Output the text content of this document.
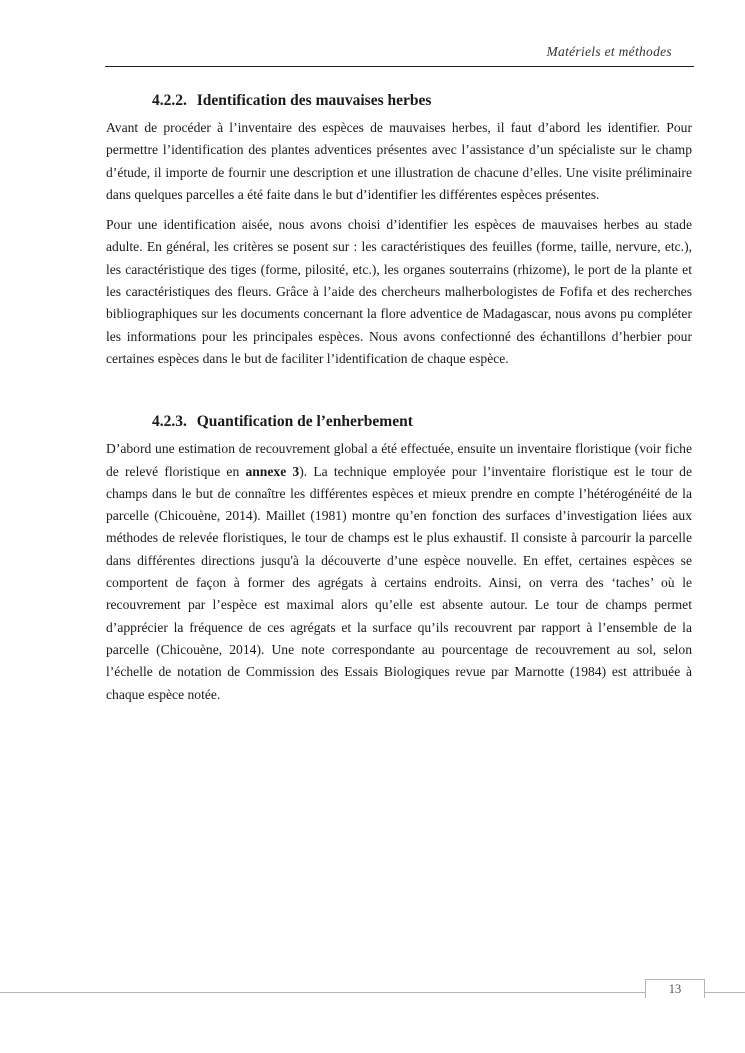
Matériels et méthodes
4.2.2. Identification des mauvaises herbes

Avant de procéder à l’inventaire des espèces de mauvaises herbes, il faut d’abord les identifier. Pour permettre l’identification des plantes adventices présentes avec l’assistance d’un spécialiste sur le champ d’étude, il importe de fournir une description et une illustration de chacune d’elles. Une visite préliminaire dans quelques parcelles a été faite dans le but d’identifier les différentes espèces présentes.

Pour une identification aisée, nous avons choisi d’identifier les espèces de mauvaises herbes au stade adulte. En général, les critères se posent sur : les caractéristiques des feuilles (forme, taille, nervure, etc.), les caractéristique des tiges (forme, pilosité, etc.), les organes souterrains (rhizome), le port de la plante et les caractéristiques des fleurs. Grâce à l’aide des chercheurs malherbologistes de Fofifa et des recherches bibliographiques sur les documents concernant la flore adventice de Madagascar, nous avons pu compléter les informations pour les principales espèces. Nous avons confectionné des échantillons d’herbier pour certaines espèces dans le but de faciliter l’identification de chaque espèce.

4.2.3. Quantification de l’enherbement

D’abord une estimation de recouvrement global a été effectuée, ensuite un inventaire floristique (voir fiche de relevé floristique en annexe 3). La technique employée pour l’inventaire floristique est le tour de champs dans le but de connaître les différentes espèces et mieux prendre en compte l’hétérogénéité de la parcelle (Chicouène, 2014). Maillet (1981) montre qu’en fonction des surfaces d’investigation liées aux méthodes de relevée floristiques, le tour de champs est le plus exhaustif. Il consiste à parcourir la parcelle dans différentes directions jusqu'à la découverte d’une espèce nouvelle. En effet, certaines espèces se comportent de façon à former des agrégats à certains endroits. Ainsi, on verra des ‘taches’ où le recouvrement par l’espèce est maximal alors qu’elle est absente autour. Le tour de champs permet d’apprécier la fréquence de ces agrégats et la surface qu’ils recouvrent par rapport à l’ensemble de la parcelle (Chicouène, 2014). Une note correspondante au pourcentage de recouvrement au sol, selon l’échelle de notation de Commission des Essais Biologiques revue par Marnotte (1984) est attribuée à chaque espèce notée.

13
